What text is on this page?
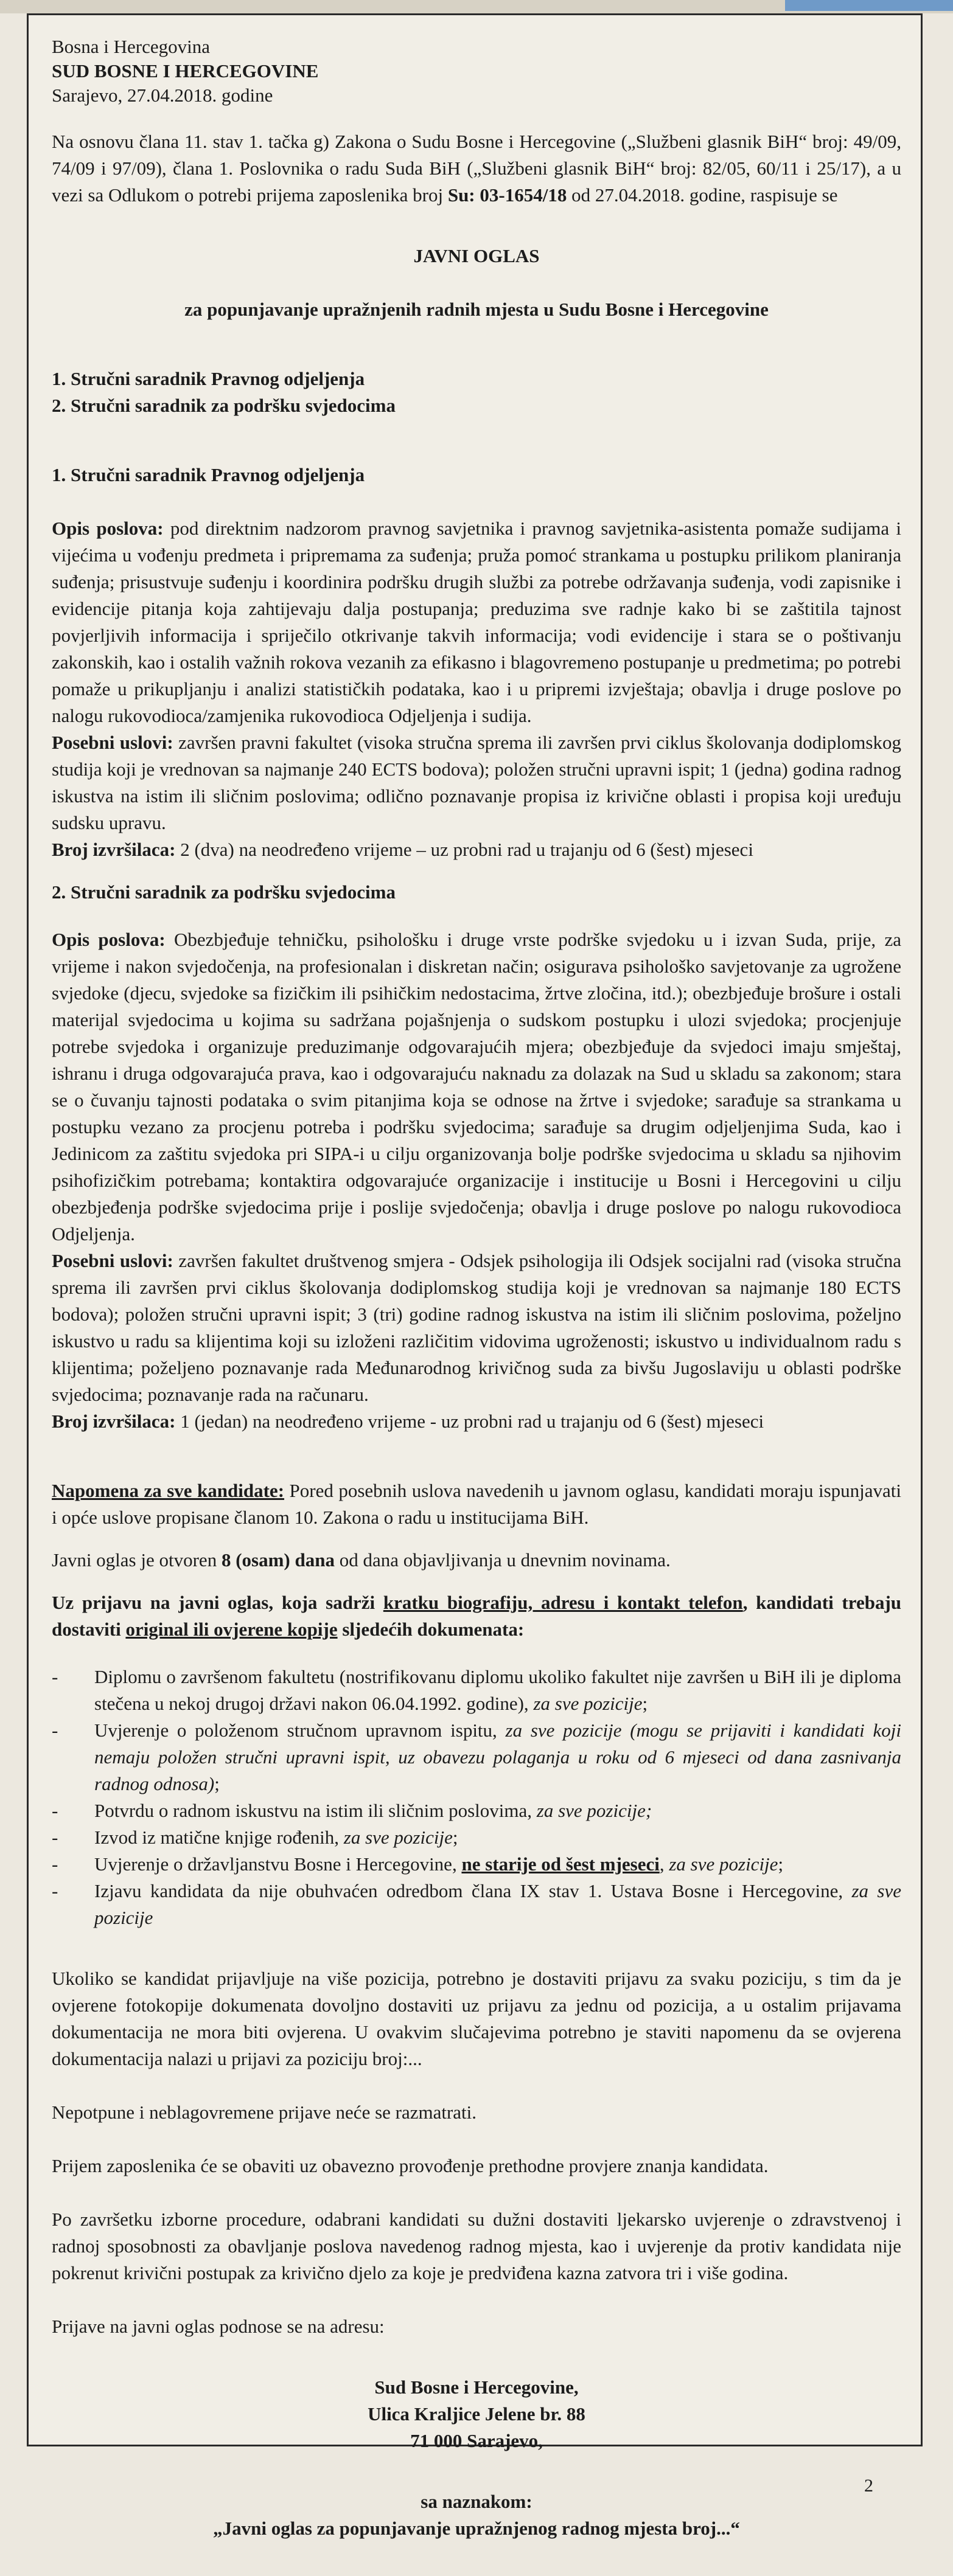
Bosna i Hercegovina

SUD BOSNE I HERCEGOVINE

Sarajevo, 27.04.2018. godine

Na osnovu člana 11. stav 1. tačka g) Zakona o Sudu Bosne i Hercegovine („Službeni glasnik BiH“ broj: 49/09, 74/09 i 97/09), člana 1. Poslovnika o radu Suda BiH („Službeni glasnik BiH“ broj: 82/05, 60/11 i 25/17), a u vezi sa Odlukom o potrebi prijema zaposlenika broj Su: 03-1654/18 od 27.04.2018. godine, raspisuje se

JAVNI OGLAS

za popunjavanje upražnjenih radnih mjesta u Sudu Bosne i Hercegovine

1. Stručni saradnik Pravnog odjeljenja

2. Stručni saradnik za podršku svjedocima

1. Stručni saradnik Pravnog odjeljenja

Opis poslova: pod direktnim nadzorom pravnog savjetnika i pravnog savjetnika-asistenta pomaže sudijama i vijećima u vođenju predmeta i pripremama za suđenja; pruža pomoć strankama u postupku prilikom planiranja suđenja; prisustvuje suđenju i koordinira podršku drugih službi za potrebe održavanja suđenja, vodi zapisnike i evidencije pitanja koja zahtijevaju dalja postupanja; preduzima sve radnje kako bi se zaštitila tajnost povjerljivih informacija i spriječilo otkrivanje takvih informacija; vodi evidencije i stara se o poštivanju zakonskih, kao i ostalih važnih rokova vezanih za efikasno i blagovremeno postupanje u predmetima; po potrebi pomaže u prikupljanju i analizi statističkih podataka, kao i u pripremi izvještaja; obavlja i druge poslove po nalogu rukovodioca/zamjenika rukovodioca Odjeljenja i sudija.

Posebni uslovi: završen pravni fakultet (visoka stručna sprema ili završen prvi ciklus školovanja dodiplomskog studija koji je vrednovan sa najmanje 240 ECTS bodova); položen stručni upravni ispit; 1 (jedna) godina radnog iskustva na istim ili sličnim poslovima; odlično poznavanje propisa iz krivične oblasti i propisa koji uređuju sudsku upravu.

Broj izvršilaca: 2 (dva) na neodređeno vrijeme – uz probni rad u trajanju od 6 (šest) mjeseci

2. Stručni saradnik za podršku svjedocima

Opis poslova: Obezbjeđuje tehničku, psihološku i druge vrste podrške svjedoku u i izvan Suda, prije, za vrijeme i nakon svjedočenja, na profesionalan i diskretan način; osigurava psihološko savjetovanje za ugrožene svjedoke (djecu, svjedoke sa fizičkim ili psihičkim nedostacima, žrtve zločina, itd.); obezbjeđuje brošure i ostali materijal svjedocima u kojima su sadržana pojašnjenja o sudskom postupku i ulozi svjedoka; procjenjuje potrebe svjedoka i organizuje preduzimanje odgovarajućih mjera; obezbjeđuje da svjedoci imaju smještaj, ishranu i druga odgovarajuća prava, kao i odgovarajuću naknadu za dolazak na Sud u skladu sa zakonom; stara se o čuvanju tajnosti podataka o svim pitanjima koja se odnose na žrtve i svjedoke; sarađuje sa strankama u postupku vezano za procjenu potreba i podršku svjedocima; sarađuje sa drugim odjeljenjima Suda, kao i Jedinicom za zaštitu svjedoka pri SIPA-i u cilju organizovanja bolje podrške svjedocima u skladu sa njihovim psihofizičkim potrebama; kontaktira odgovarajuće organizacije i institucije u Bosni i Hercegovini u cilju obezbjeđenja podrške svjedocima prije i poslije svjedočenja; obavlja i druge poslove po nalogu rukovodioca Odjeljenja.

Posebni uslovi: završen fakultet društvenog smjera - Odsjek psihologija ili Odsjek socijalni rad (visoka stručna sprema ili završen prvi ciklus školovanja dodiplomskog studija koji je vrednovan sa najmanje 180 ECTS bodova); položen stručni upravni ispit; 3 (tri) godine radnog iskustva na istim ili sličnim poslovima, poželjno iskustvo u radu sa klijentima koji su izloženi različitim vidovima ugroženosti; iskustvo u individualnom radu s klijentima; poželjeno poznavanje rada Međunarodnog krivičnog suda za bivšu Jugoslaviju u oblasti podrške svjedocima; poznavanje rada na računaru.

Broj izvršilaca: 1 (jedan) na neodređeno vrijeme - uz probni rad u trajanju od 6 (šest) mjeseci

Napomena za sve kandidate: Pored posebnih uslova navedenih u javnom oglasu, kandidati moraju ispunjavati i opće uslove propisane članom 10. Zakona o radu u institucijama BiH.

Javni oglas je otvoren 8 (osam) dana od dana objavljivanja u dnevnim novinama.

Uz prijavu na javni oglas, koja sadrži kratku biografiju, adresu i kontakt telefon, kandidati trebaju dostaviti original ili ovjerene kopije sljedećih dokumenata:

- Diplomu o završenom fakultetu (nostrifikovanu diplomu ukoliko fakultet nije završen u BiH ili je diploma stečena u nekoj drugoj državi nakon 06.04.1992. godine), za sve pozicije;
- Uvjerenje o položenom stručnom upravnom ispitu, za sve pozicije (mogu se prijaviti i kandidati koji nemaju položen stručni upravni ispit, uz obavezu polaganja u roku od 6 mjeseci od dana zasnivanja radnog odnosa);
- Potvrdu o radnom iskustvu na istim ili sličnim poslovima, za sve pozicije;
- Izvod iz matične knjige rođenih, za sve pozicije;
- Uvjerenje o državljanstvu Bosne i Hercegovine, ne starije od šest mjeseci, za sve pozicije;
- Izjavu kandidata da nije obuhvaćen odredbom člana IX stav 1. Ustava Bosne i Hercegovine, za sve pozicije

Ukoliko se kandidat prijavljuje na više pozicija, potrebno je dostaviti prijavu za svaku poziciju, s tim da je ovjerene fotokopije dokumenata dovoljno dostaviti uz prijavu za jednu od pozicija, a u ostalim prijavama dokumentacija ne mora biti ovjerena. U ovakvim slučajevima potrebno je staviti napomenu da se ovjerena dokumentacija nalazi u prijavi za poziciju broj:...

Nepotpune i neblagovremene prijave neće se razmatrati.

Prijem zaposlenika će se obaviti uz obavezno provođenje prethodne provjere znanja kandidata.

Po završetku izborne procedure, odabrani kandidati su dužni dostaviti ljekarsko uvjerenje o zdravstvenoj i radnoj sposobnosti za obavljanje poslova navedenog radnog mjesta, kao i uvjerenje da protiv kandidata nije pokrenut krivični postupak za krivično djelo za koje je predviđena kazna zatvora tri i više godina.

Prijave na javni oglas podnose se na adresu:

Sud Bosne i Hercegovine,

Ulica Kraljice Jelene br. 88

71 000 Sarajevo,

sa naznakom:

„Javni oglas za popunjavanje upražnjenog radnog mjesta broj...“

2
